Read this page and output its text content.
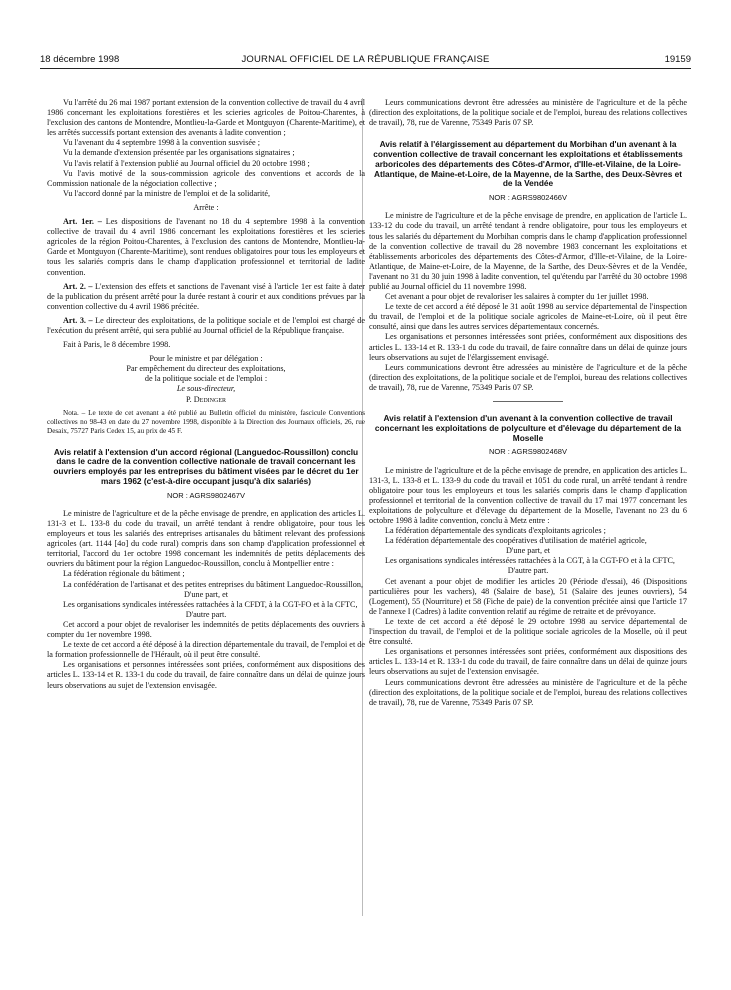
18 décembre 1998	JOURNAL OFFICIEL DE LA RÉPUBLIQUE FRANÇAISE	19159

Vu l'arrêté du 26 mai 1987 portant extension de la convention collective de travail du 4 avril 1986 concernant les exploitations forestières et les scieries agricoles de Poitou-Charentes, à l'exclusion des cantons de Montendre, Montlieu-la-Garde et Montguyon (Charente-Maritime), et les arrêtés successifs portant extension des avenants à ladite convention ;

Vu l'avenant du 4 septembre 1998 à la convention susvisée ;

Vu la demande d'extension présentée par les organisations signataires ;

Vu l'avis relatif à l'extension publié au Journal officiel du 20 octobre 1998 ;

Vu l'avis motivé de la sous-commission agricole des conventions et accords de la Commission nationale de la négociation collective ;

Vu l'accord donné par la ministre de l'emploi et de la solidarité,

Arrête :

Art. 1er. – Les dispositions de l'avenant no 18 du 4 septembre 1998 à la convention collective de travail du 4 avril 1986 concernant les exploitations forestières et les scieries agricoles de la région Poitou-Charentes, à l'exclusion des cantons de Montendre, Montlieu-la-Garde et Montguyon (Charente-Maritime), sont rendues obligatoires pour tous les employeurs et tous les salariés compris dans le champ d'application professionnel et territorial de ladite convention.

Art. 2. – L'extension des effets et sanctions de l'avenant visé à l'article 1er est faite à dater de la publication du présent arrêté pour la durée restant à courir et aux conditions prévues par la convention collective du 4 avril 1986 précitée.

Art. 3. – Le directeur des exploitations, de la politique sociale et de l'emploi est chargé de l'exécution du présent arrêté, qui sera publié au Journal officiel de la République française.

Fait à Paris, le 8 décembre 1998.

Pour le ministre et par délégation :

Par empêchement du directeur des exploitations,

de la politique sociale et de l'emploi :

Le sous-directeur,

P. Dedinger

Nota. – Le texte de cet avenant a été publié au Bulletin officiel du ministère, fascicule Conventions collectives no 98-43 en date du 27 novembre 1998, disponible à la Direction des Journaux officiels, 26, rue Desaix, 75727 Paris Cedex 15, au prix de 45 F.

Avis relatif à l'extension d'un accord régional (Languedoc-Roussillon) conclu dans le cadre de la convention collective nationale de travail concernant les ouvriers employés par les entreprises du bâtiment visées par le décret du 1er mars 1962 (c'est-à-dire occupant jusqu'à dix salariés)
NOR : AGRS9802467V

Le ministre de l'agriculture et de la pêche envisage de prendre, en application des articles L. 131-3 et L. 133-8 du code du travail, un arrêté tendant à rendre obligatoire, pour tous les employeurs et tous les salariés des entreprises artisanales du bâtiment relevant des professions agricoles (art. 1144 [4o] du code rural) compris dans son champ d'application professionnel et territorial, l'accord du 1er octobre 1998 concernant les indemnités de petits déplacements des ouvriers du bâtiment pour la région Languedoc-Roussillon, conclu à Montpellier entre :

La fédération régionale du bâtiment ;

La confédération de l'artisanat et des petites entreprises du bâtiment Languedoc-Roussillon,

D'une part, et

Les organisations syndicales intéressées rattachées à la CFDT, à la CGT-FO et à la CFTC,

D'autre part.

Cet accord a pour objet de revaloriser les indemnités de petits déplacements des ouvriers à compter du 1er novembre 1998.

Le texte de cet accord a été déposé à la direction départementale du travail, de l'emploi et de la formation professionnelle de l'Hérault, où il peut être consulté.

Les organisations et personnes intéressées sont priées, conformément aux dispositions des articles L. 133-14 et R. 133-1 du code du travail, de faire connaître dans un délai de quinze jours leurs observations au sujet de l'extension envisagée.

Leurs communications devront être adressées au ministère de l'agriculture et de la pêche (direction des exploitations, de la politique sociale et de l'emploi, bureau des relations collectives de travail), 78, rue de Varenne, 75349 Paris 07 SP.

Avis relatif à l'élargissement au département du Morbihan d'un avenant à la convention collective de travail concernant les exploitations et établissements arboricoles des départements des Côtes-d'Armor, d'Ille-et-Vilaine, de la Loire-Atlantique, de Maine-et-Loire, de la Mayenne, de la Sarthe, des Deux-Sèvres et de la Vendée
NOR : AGRS9802466V

Le ministre de l'agriculture et de la pêche envisage de prendre, en application de l'article L. 133-12 du code du travail, un arrêté tendant à rendre obligatoire, pour tous les employeurs et tous les salariés du département du Morbihan compris dans le champ d'application professionnel de la convention collective de travail du 28 novembre 1983 concernant les exploitations et établissements arboricoles des départements des Côtes-d'Armor, d'Ille-et-Vilaine, de la Loire-Atlantique, de Maine-et-Loire, de la Mayenne, de la Sarthe, des Deux-Sèvres et de la Vendée, l'avenant no 31 du 30 juin 1998 à ladite convention, tel qu'étendu par l'arrêté du 30 octobre 1998 publié au Journal officiel du 11 novembre 1998.

Cet avenant a pour objet de revaloriser les salaires à compter du 1er juillet 1998.

Le texte de cet accord a été déposé le 31 août 1998 au service départemental de l'inspection du travail, de l'emploi et de la politique sociale agricoles de Maine-et-Loire, où il peut être consulté, ainsi que dans les autres services départementaux concernés.

Les organisations et personnes intéressées sont priées, conformément aux dispositions des articles L. 133-14 et R. 133-1 du code du travail, de faire connaître dans un délai de quinze jours leurs observations au sujet de l'élargissement envisagé.

Leurs communications devront être adressées au ministère de l'agriculture et de la pêche (direction des exploitations, de la politique sociale et de l'emploi, bureau des relations collectives de travail), 78, rue de Varenne, 75349 Paris 07 SP.

Avis relatif à l'extension d'un avenant à la convention collective de travail concernant les exploitations de polyculture et d'élevage du département de la Moselle
NOR : AGRS9802468V

Le ministre de l'agriculture et de la pêche envisage de prendre, en application des articles L. 131-3, L. 133-8 et L. 133-9 du code du travail et 1051 du code rural, un arrêté tendant à rendre obligatoire pour tous les employeurs et tous les salariés compris dans le champ d'application professionnel et territorial de la convention collective de travail du 17 mai 1977 concernant les exploitations de polyculture et d'élevage du département de la Moselle, l'avenant no 23 du 6 octobre 1998 à ladite convention, conclu à Metz entre :

La fédération départementale des syndicats d'exploitants agricoles ;

La fédération départementale des coopératives d'utilisation de matériel agricole,

D'une part, et

Les organisations syndicales intéressées rattachées à la CGT, à la CGT-FO et à la CFTC,

D'autre part.

Cet avenant a pour objet de modifier les articles 20 (Période d'essai), 46 (Dispositions particulières pour les vachers), 48 (Salaire de base), 51 (Salaire des jeunes ouvriers), 54 (Logement), 55 (Nourriture) et 58 (Fiche de paie) de la convention précitée ainsi que l'article 17 de l'annexe I (Cadres) à ladite convention relatif au régime de retraite et de prévoyance.

Le texte de cet accord a été déposé le 29 octobre 1998 au service départemental de l'inspection du travail, de l'emploi et de la politique sociale agricoles de la Moselle, où il peut être consulté.

Les organisations et personnes intéressées sont priées, conformément aux dispositions des articles L. 133-14 et R. 133-1 du code du travail, de faire connaître dans un délai de quinze jours leurs observations au sujet de l'extension envisagée.

Leurs communications devront être adressées au ministère de l'agriculture et de la pêche (direction des exploitations, de la politique sociale et de l'emploi, bureau des relations collectives de travail), 78, rue de Varenne, 75349 Paris 07 SP.
